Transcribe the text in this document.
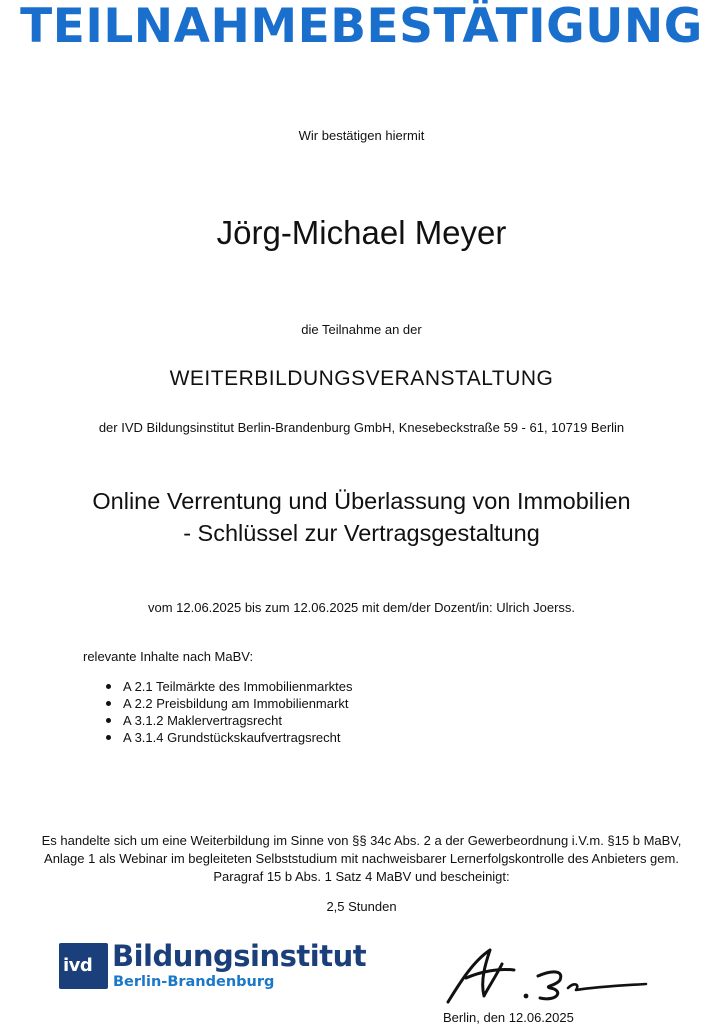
TEILNAHMEBESTÄTIGUNG
Wir bestätigen hiermit
Jörg-Michael Meyer
die Teilnahme an der
WEITERBILDUNGSVERANSTALTUNG
der IVD Bildungsinstitut Berlin-Brandenburg GmbH, Knesebeckstraße 59 - 61, 10719 Berlin
Online Verrentung und Überlassung von Immobilien
- Schlüssel zur Vertragsgestaltung
vom 12.06.2025 bis zum 12.06.2025 mit dem/der Dozent/in: Ulrich Joerss.
relevante Inhalte nach MaBV:
A 2.1 Teilmärkte des Immobilienmarktes
A 2.2 Preisbildung am Immobilienmarkt
A 3.1.2 Maklervertragsrecht
A 3.1.4 Grundstückskaufvertragsrecht
Es handelte sich um eine Weiterbildung im Sinne von §§ 34c Abs. 2 a der Gewerbeordnung i.V.m. §15 b MaBV,
Anlage 1 als Webinar im begleiteten Selbststudium mit nachweisbarer Lernerfolgskontrolle des Anbieters gem.
Paragraf 15 b Abs. 1 Satz 4 MaBV und bescheinigt:
2,5 Stunden
ivd Bildungsinstitut
Berlin-Brandenburg
Berlin, den 12.06.2025
